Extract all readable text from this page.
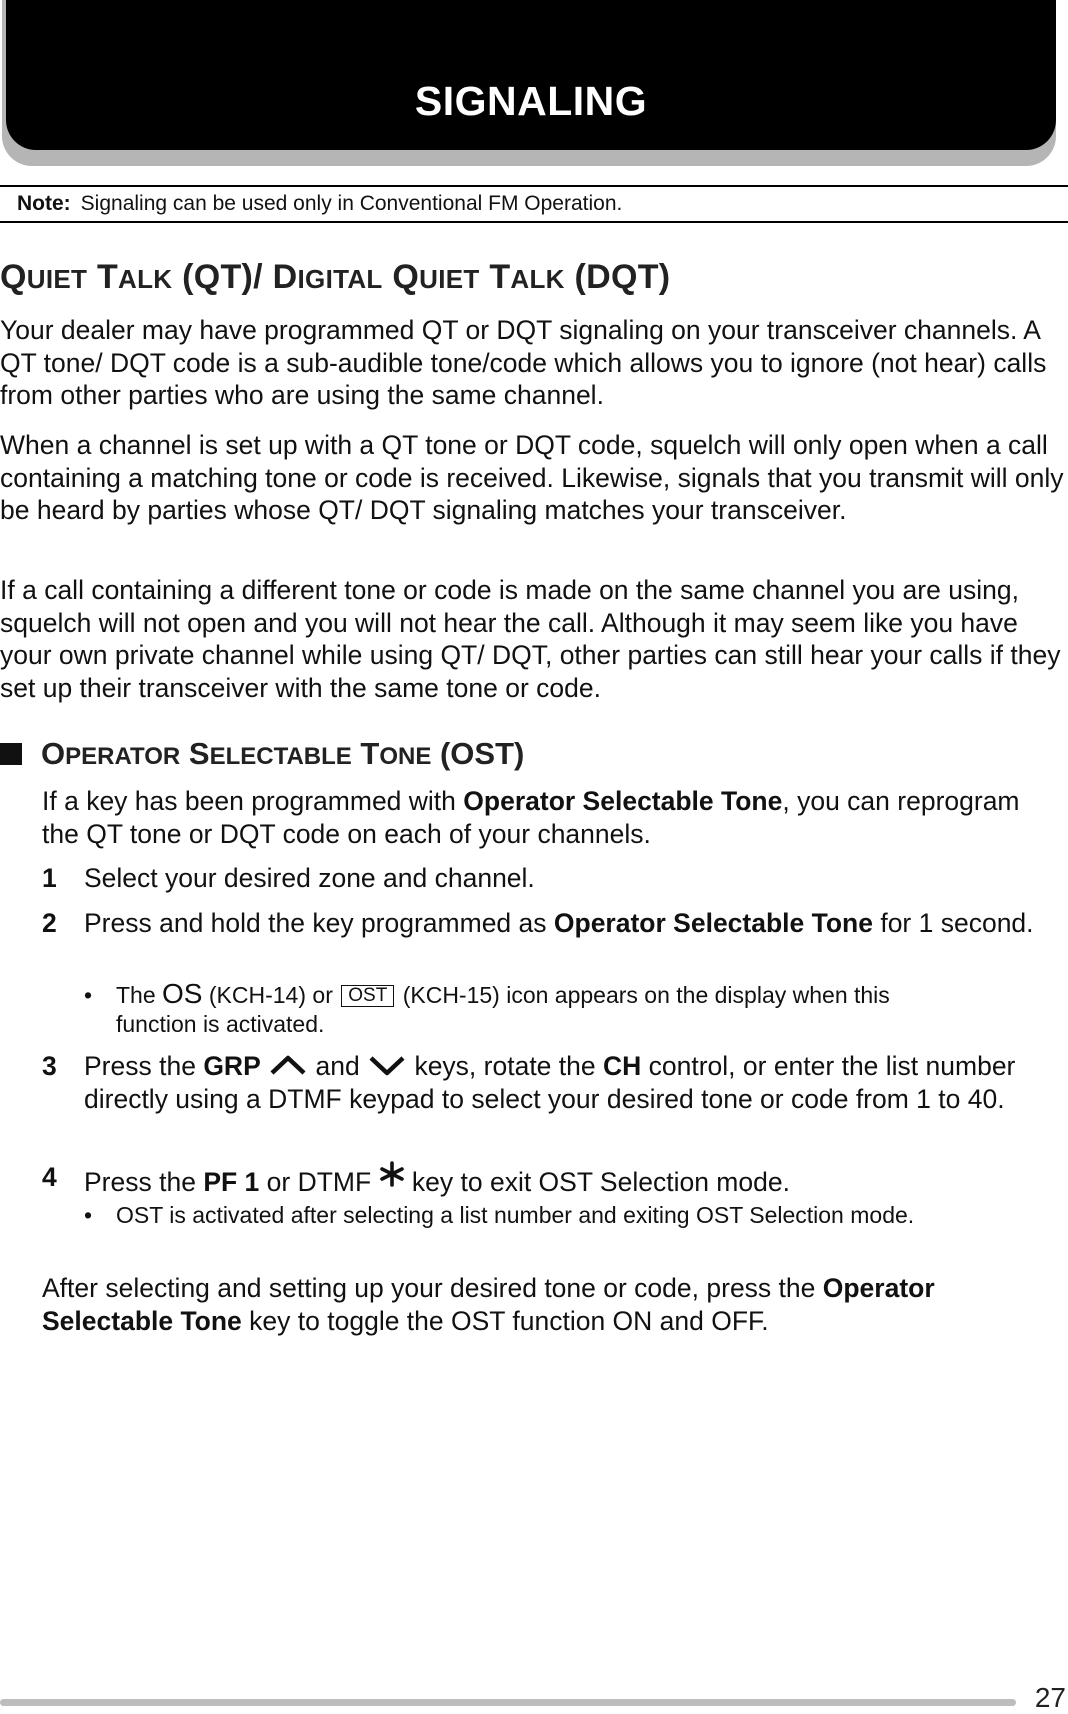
SIGNALING
Note: Signaling can be used only in Conventional FM Operation.
QUIET TALK (QT)/ DIGITAL QUIET TALK (DQT)

Your dealer may have programmed QT or DQT signaling on your transceiver channels. A QT tone/ DQT code is a sub-audible tone/code which allows you to ignore (not hear) calls from other parties who are using the same channel.

When a channel is set up with a QT tone or DQT code, squelch will only open when a call containing a matching tone or code is received. Likewise, signals that you transmit will only be heard by parties whose QT/ DQT signaling matches your transceiver.

If a call containing a different tone or code is made on the same channel you are using, squelch will not open and you will not hear the call. Although it may seem like you have your own private channel while using QT/ DQT, other parties can still hear your calls if they set up their transceiver with the same tone or code.

OPERATOR SELECTABLE TONE (OST)

If a key has been programmed with Operator Selectable Tone, you can reprogram the QT tone or DQT code on each of your channels.

1 Select your desired zone and channel.
2 Press and hold the key programmed as Operator Selectable Tone for 1 second.
• The OS (KCH-14) or OST (KCH-15) icon appears on the display when this
function is activated.
3 Press the GRP  and  keys, rotate the CH control, or enter the list number directly using a DTMF keypad to select your desired tone or code from 1 to 40.
4 Press the PF 1 or DTMF  key to exit OST Selection mode.
• OST is activated after selecting a list number and exiting OST Selection mode.

After selecting and setting up your desired tone or code, press the Operator Selectable Tone key to toggle the OST function ON and OFF.

27
